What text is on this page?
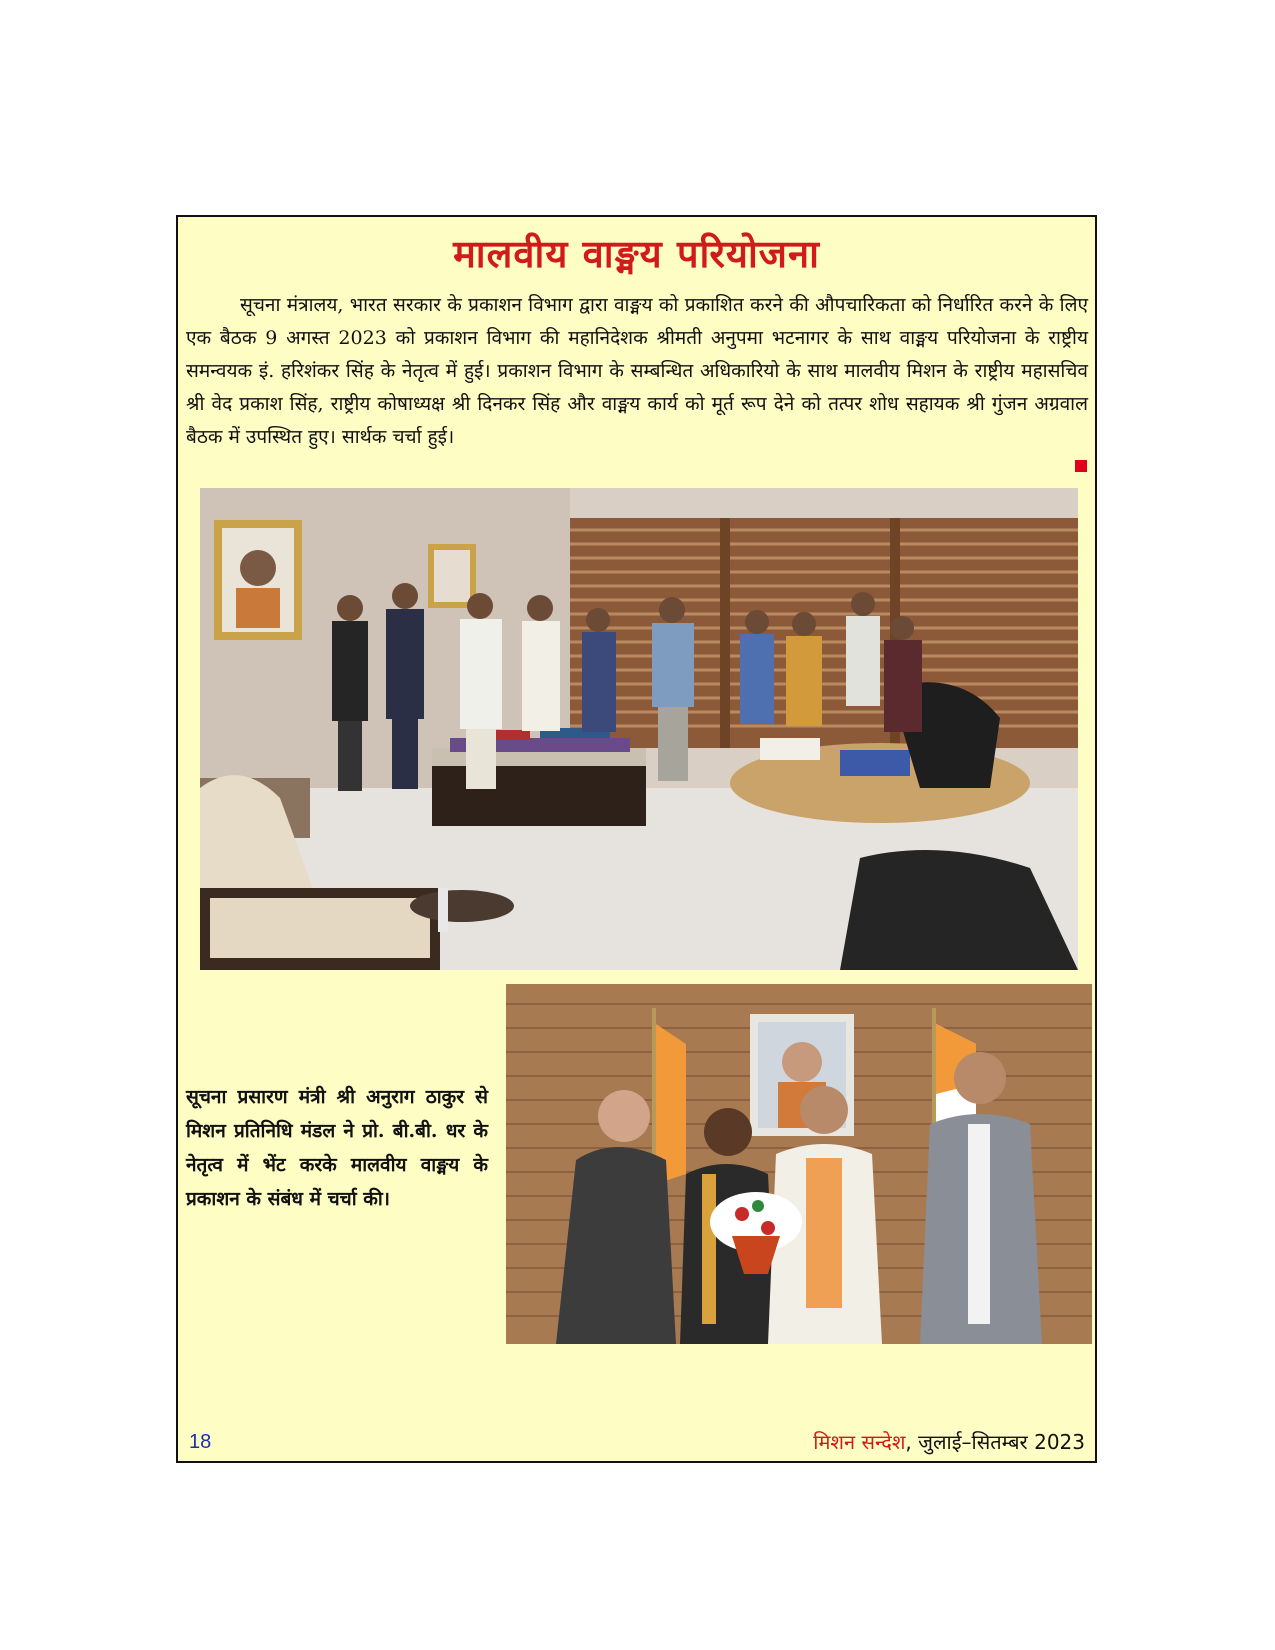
मालवीय वाङ्मय परियोजना

सूचना मंत्रालय, भारत सरकार के प्रकाशन विभाग द्वारा वाङ्मय को प्रकाशित करने की औपचारिकता को निर्धारित करने के लिए एक बैठक 9 अगस्त 2023 को प्रकाशन विभाग की महानिदेशक श्रीमती अनुपमा भटनागर के साथ वाङ्मय परियोजना के राष्ट्रीय समन्वयक इं. हरिशंकर सिंह के नेतृत्व में हुई। प्रकाशन विभाग के सम्बन्धित अधिकारियो के साथ मालवीय मिशन के राष्ट्रीय महासचिव श्री वेद प्रकाश सिंह, राष्ट्रीय कोषाध्यक्ष श्री दिनकर सिंह और वाङ्मय कार्य को मूर्त रूप देने को तत्पर शोध सहायक श्री गुंजन अग्रवाल बैठक में उपस्थित हुए। सार्थक चर्चा हुई।

सूचना प्रसारण मंत्री श्री अनुराग ठाकुर से मिशन प्रतिनिधि मंडल ने प्रो. बी.बी. धर के नेतृत्व में भेंट करके मालवीय वाङ्मय के प्रकाशन के संबंध में चर्चा की।

18	मिशन सन्देश, जुलाई–सितम्बर 2023
